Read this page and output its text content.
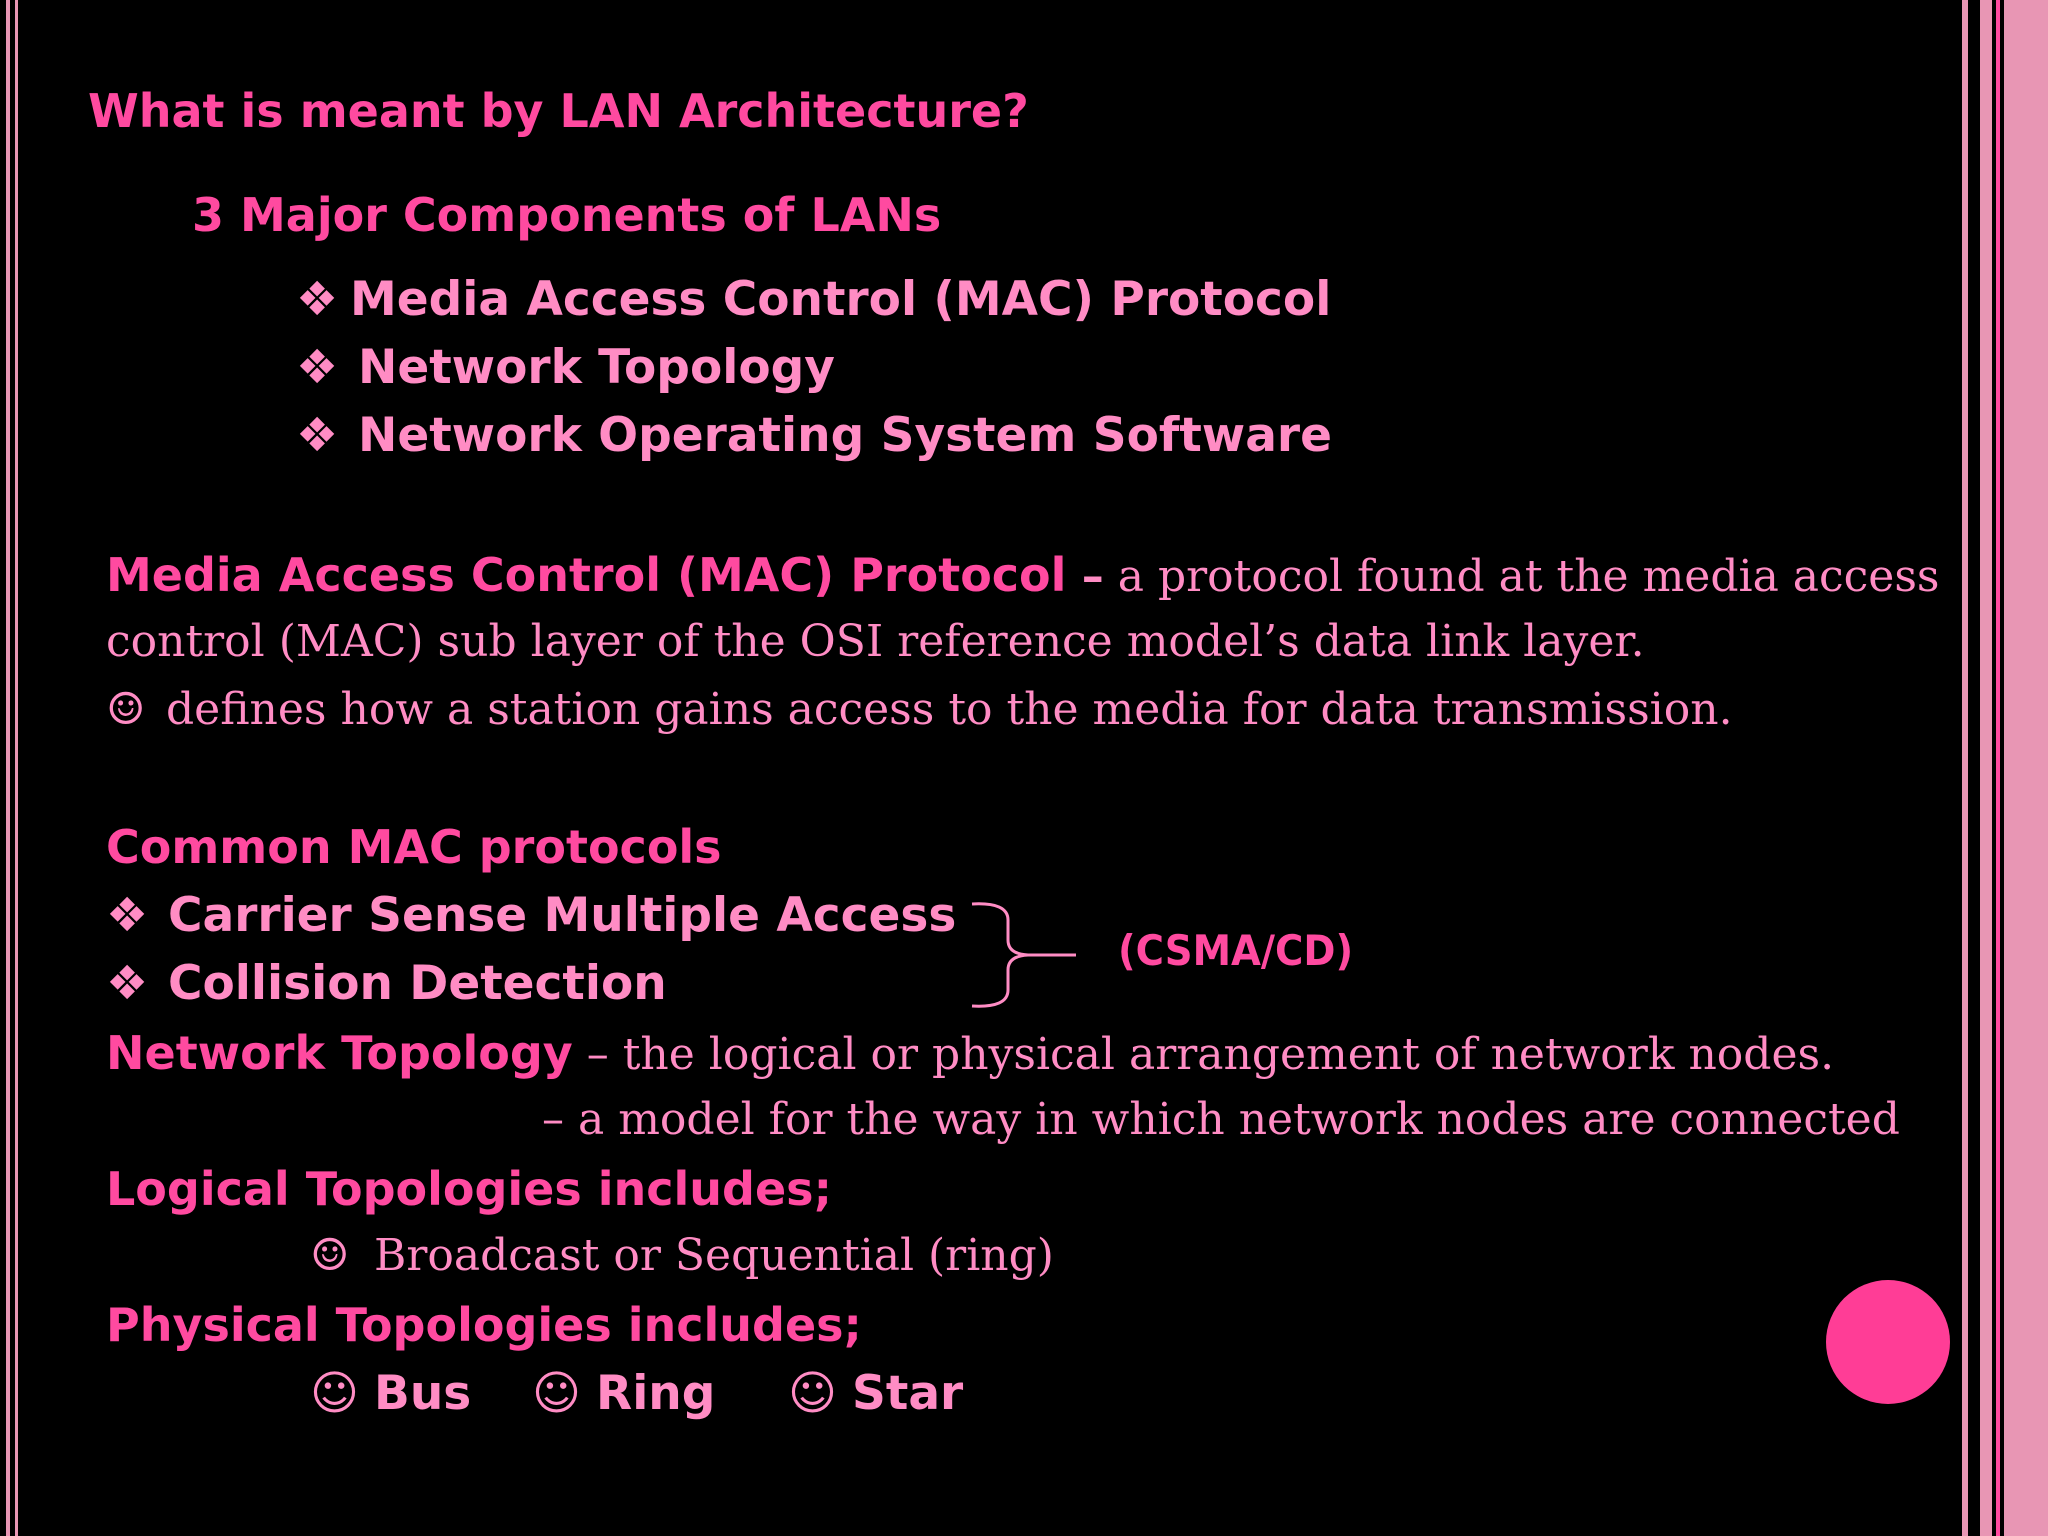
What is meant by LAN Architecture?

3 Major Components of LANs

❖ Media Access Control (MAC) Protocol

❖ Network Topology

❖ Network Operating System Software

Media Access Control (MAC) Protocol – a protocol found at the media access

control (MAC) sub layer of the OSI reference model’s data link layer.

☺ defines how a station gains access to the media for data transmission.

Common MAC protocols

❖ Carrier Sense Multiple Access

❖ Collision Detection

(CSMA/CD)

Network Topology – the logical or physical arrangement of network nodes.

– a model for the way in which network nodes are connected

Logical Topologies includes;

☺ Broadcast or Sequential (ring)

Physical Topologies includes;

☺ Bus ☺ Ring ☺ Star
